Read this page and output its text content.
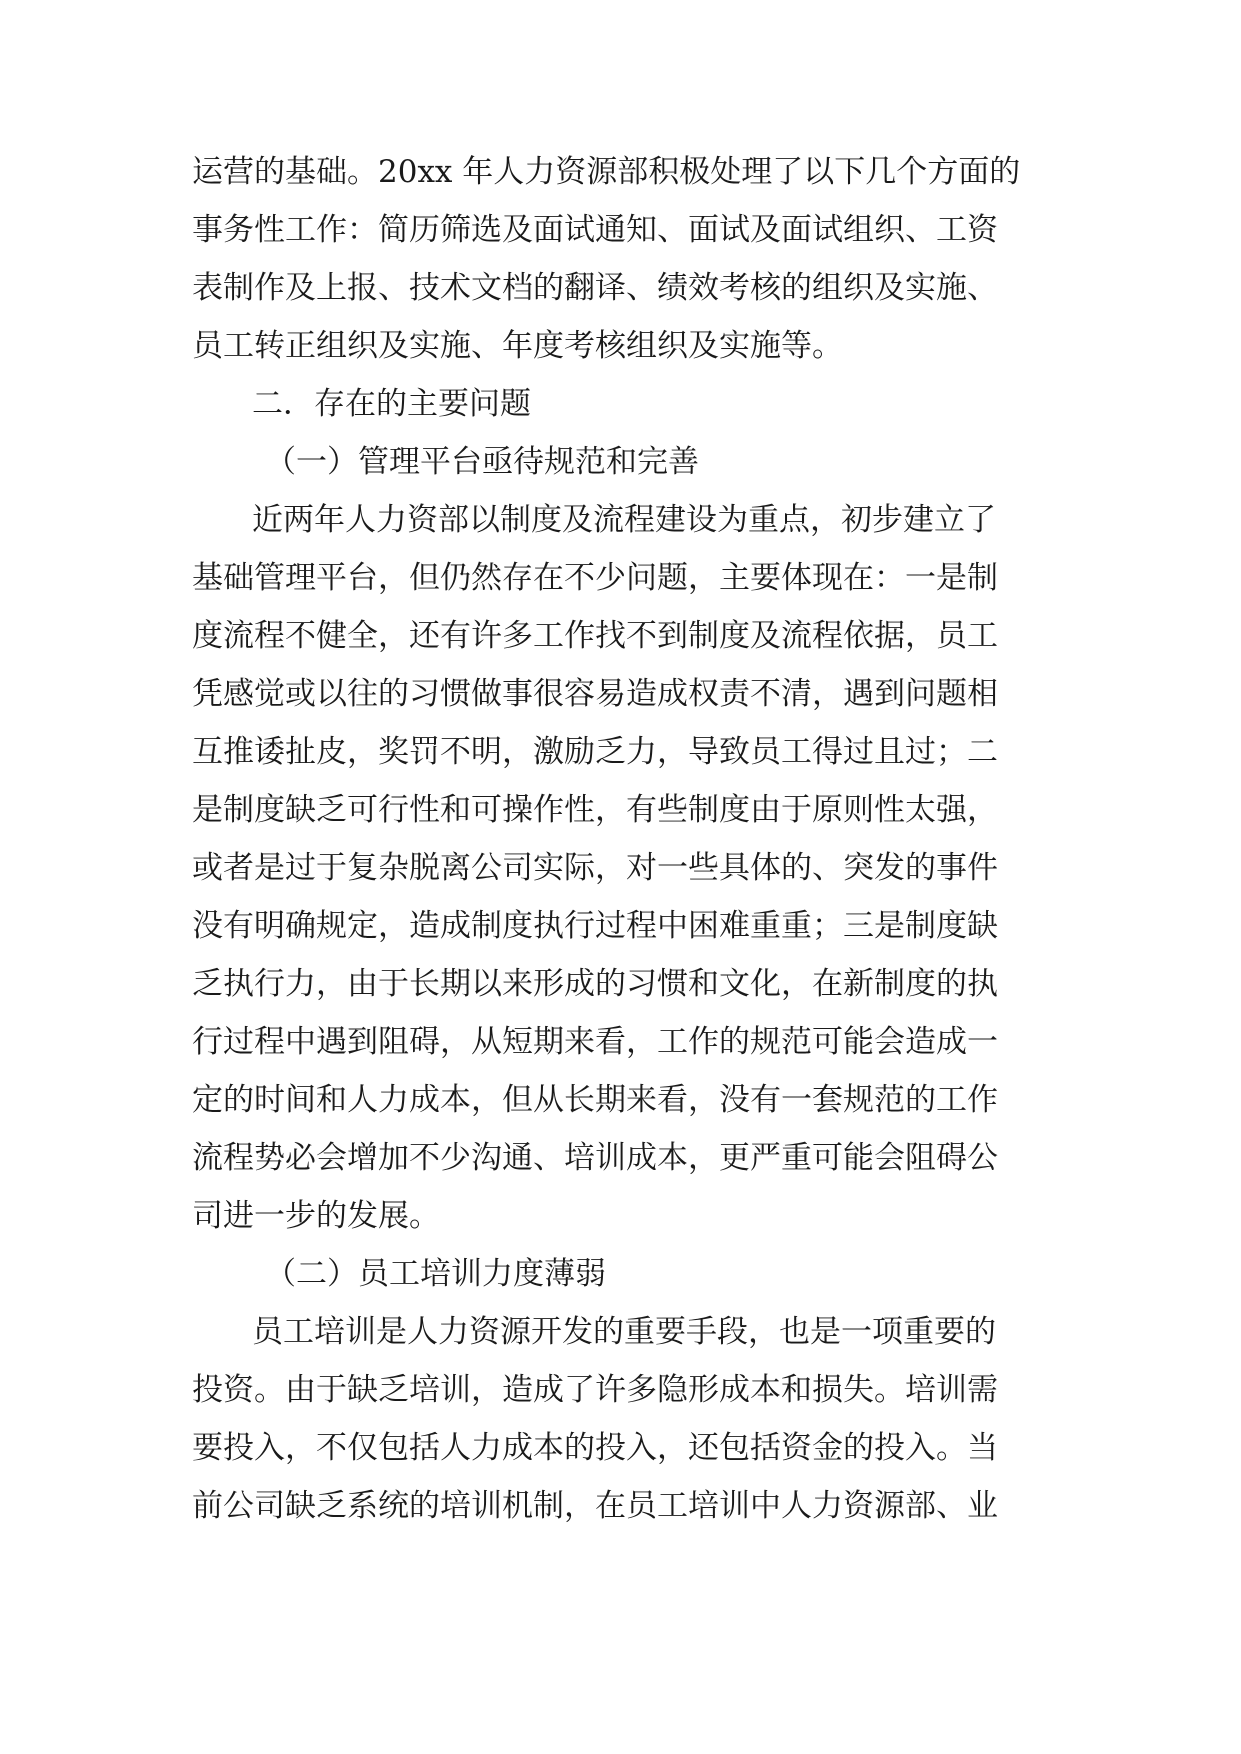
运营的基础。20xx 年人力资源部积极处理了以下几个方面的
事务性工作：简历筛选及面试通知、面试及面试组织、工资
表制作及上报、技术文档的翻译、绩效考核的组织及实施、
员工转正组织及实施、年度考核组织及实施等。
二．存在的主要问题
（一）管理平台亟待规范和完善
近两年人力资部以制度及流程建设为重点，初步建立了
基础管理平台，但仍然存在不少问题，主要体现在：一是制
度流程不健全，还有许多工作找不到制度及流程依据，员工
凭感觉或以往的习惯做事很容易造成权责不清，遇到问题相
互推诿扯皮，奖罚不明，激励乏力，导致员工得过且过；二
是制度缺乏可行性和可操作性，有些制度由于原则性太强，
或者是过于复杂脱离公司实际，对一些具体的、突发的事件
没有明确规定，造成制度执行过程中困难重重；三是制度缺
乏执行力，由于长期以来形成的习惯和文化，在新制度的执
行过程中遇到阻碍，从短期来看，工作的规范可能会造成一
定的时间和人力成本，但从长期来看，没有一套规范的工作
流程势必会增加不少沟通、培训成本，更严重可能会阻碍公
司进一步的发展。
（二）员工培训力度薄弱
员工培训是人力资源开发的重要手段，也是一项重要的
投资。由于缺乏培训，造成了许多隐形成本和损失。培训需
要投入，不仅包括人力成本的投入，还包括资金的投入。当
前公司缺乏系统的培训机制，在员工培训中人力资源部、业
